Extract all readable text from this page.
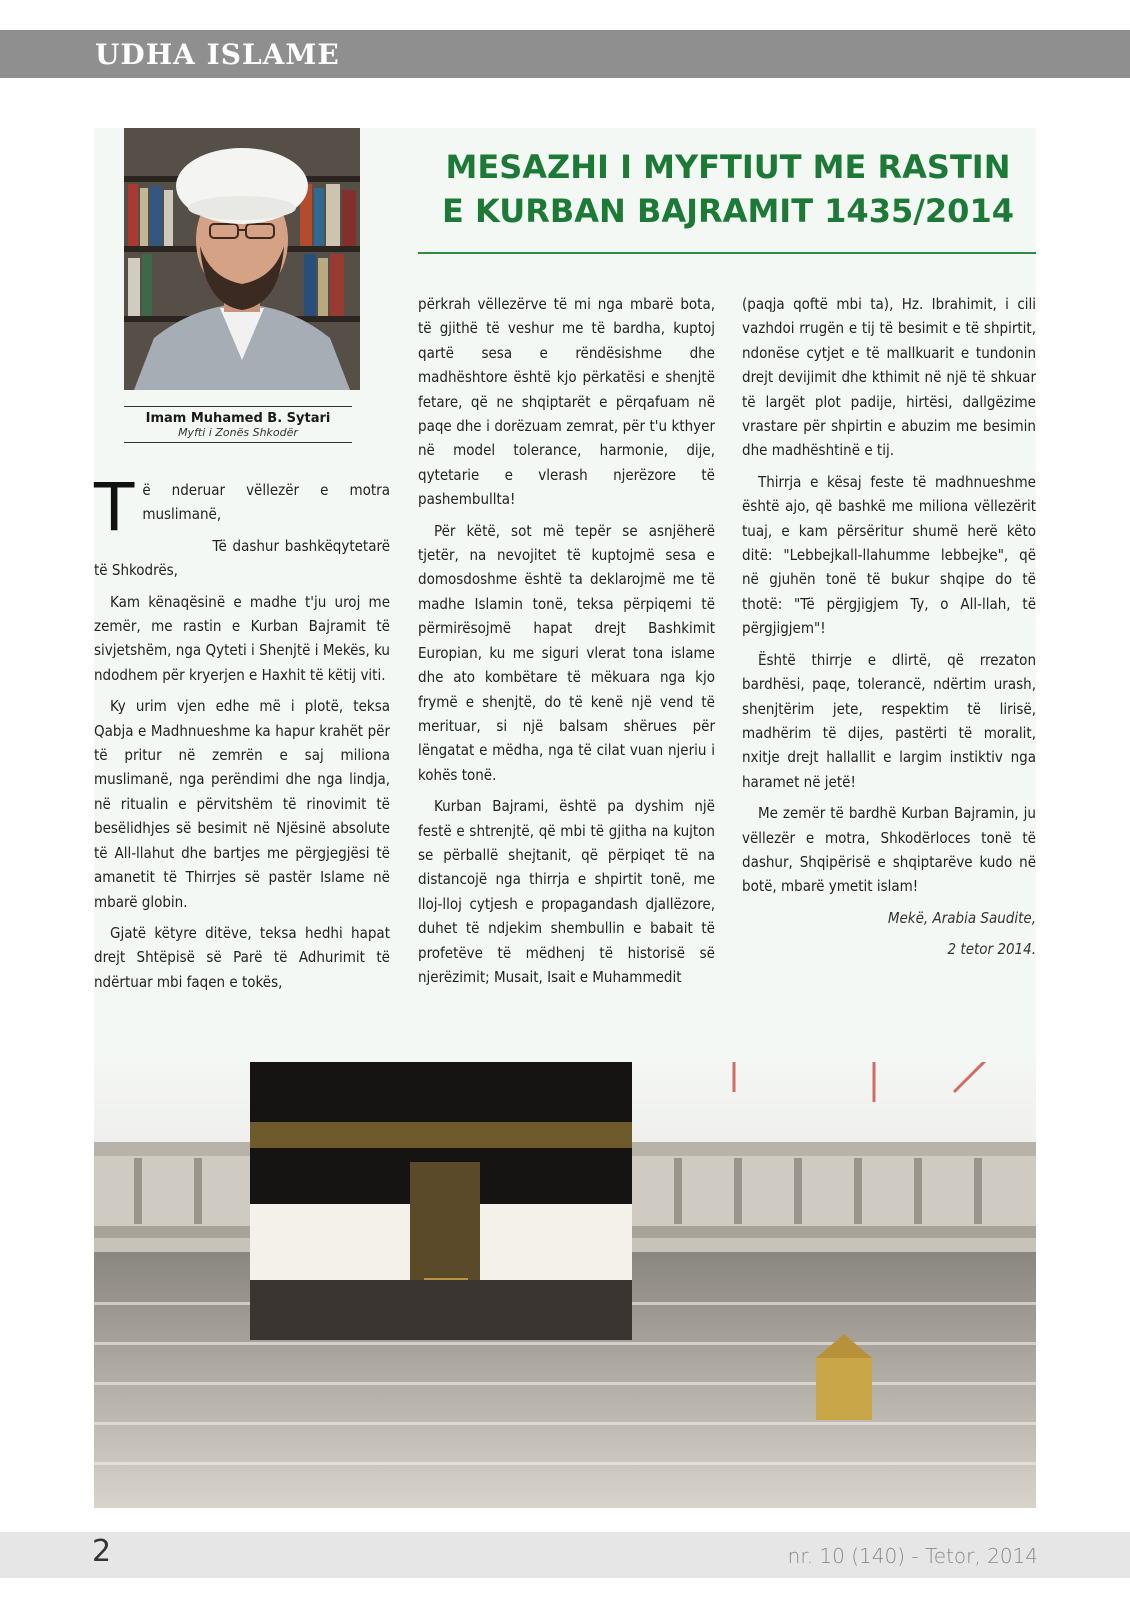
UDHA ISLAME
Imam Muhamed B. Sytari
Myfti i Zonës Shkodër
MESAZHI I MYFTIUT ME RASTIN
E KURBAN BAJRAMIT 1435/2014

Të nderuar vëllezër e motra muslimanë,

Të dashur bashkëqytetarë të Shkodrës,

Kam kënaqësinë e madhe t'ju uroj me zemër, me rastin e Kurban Bajramit të sivjetshëm, nga Qyteti i Shenjtë i Mekës, ku ndodhem për kryerjen e Haxhit të këtij viti.

Ky urim vjen edhe më i plotë, teksa Qabja e Madhnueshme ka hapur krahët për të pritur në zemrën e saj miliona muslimanë, nga perëndimi dhe nga lindja, në ritualin e përvitshëm të rinovimit të besëlidhjes së besimit në Njësinë absolute të All-llahut dhe bartjes me përgjegjësi të amanetit të Thirrjes së pastër Islame në mbarë globin.

Gjatë këtyre ditëve, teksa hedhi hapat drejt Shtëpisë së Parë të Adhurimit të ndërtuar mbi faqen e tokës,

përkrah vëllezërve të mi nga mbarë bota, të gjithë të veshur me të bardha, kuptoj qartë sesa e rëndësishme dhe madhështore është kjo përkatësi e shenjtë fetare, që ne shqiptarët e përqafuam në paqe dhe i dorëzuam zemrat, për t'u kthyer në model tolerance, harmonie, dije, qytetarie e vlerash njerëzore të pashembullta!

Për këtë, sot më tepër se asnjëherë tjetër, na nevojitet të kuptojmë sesa e domosdoshme është ta deklarojmë me të madhe Islamin tonë, teksa përpiqemi të përmirësojmë hapat drejt Bashkimit Europian, ku me siguri vlerat tona islame dhe ato kombëtare të mëkuara nga kjo frymë e shenjtë, do të kenë një vend të merituar, si një balsam shërues për lëngatat e mëdha, nga të cilat vuan njeriu i kohës tonë.

Kurban Bajrami, është pa dyshim një festë e shtrenjtë, që mbi të gjitha na kujton se përballë shejtanit, që përpiqet të na distancojë nga thirrja e shpirtit tonë, me lloj-lloj cytjesh e propagandash djallëzore, duhet të ndjekim shembullin e babait të profetëve të mëdhenj të historisë së njerëzimit; Musait, Isait e Muhammedit

(paqja qoftë mbi ta), Hz. Ibrahimit, i cili vazhdoi rrugën e tij të besimit e të shpirtit, ndonëse cytjet e të mallkuarit e tundonin drejt devijimit dhe kthimit në një të shkuar të largët plot padije, hirtësi, dallgëzime vrastare për shpirtin e abuzim me besimin dhe madhështinë e tij.

Thirrja e kësaj feste të madhnueshme është ajo, që bashkë me miliona vëllezërit tuaj, e kam përsëritur shumë herë këto ditë: "Lebbejkall-llahumme lebbejke", që në gjuhën tonë të bukur shqipe do të thotë: "Të përgjigjem Ty, o All-llah, të përgjigjem"!

Është thirrje e dlirtë, që rrezaton bardhësi, paqe, tolerancë, ndërtim urash, shenjtërim jete, respektim të lirisë, madhërim të dijes, pastërti të moralit, nxitje drejt hallallit e largim instiktiv nga haramet në jetë!

Me zemër të bardhë Kurban Bajramin, ju vëllezër e motra, Shkodërloces tonë të dashur, Shqipërisë e shqiptarëve kudo në botë, mbarë ymetit islam!

Mekë, Arabia Saudite,

2 tetor 2014.

2	nr. 10 (140) - Tetor, 2014
